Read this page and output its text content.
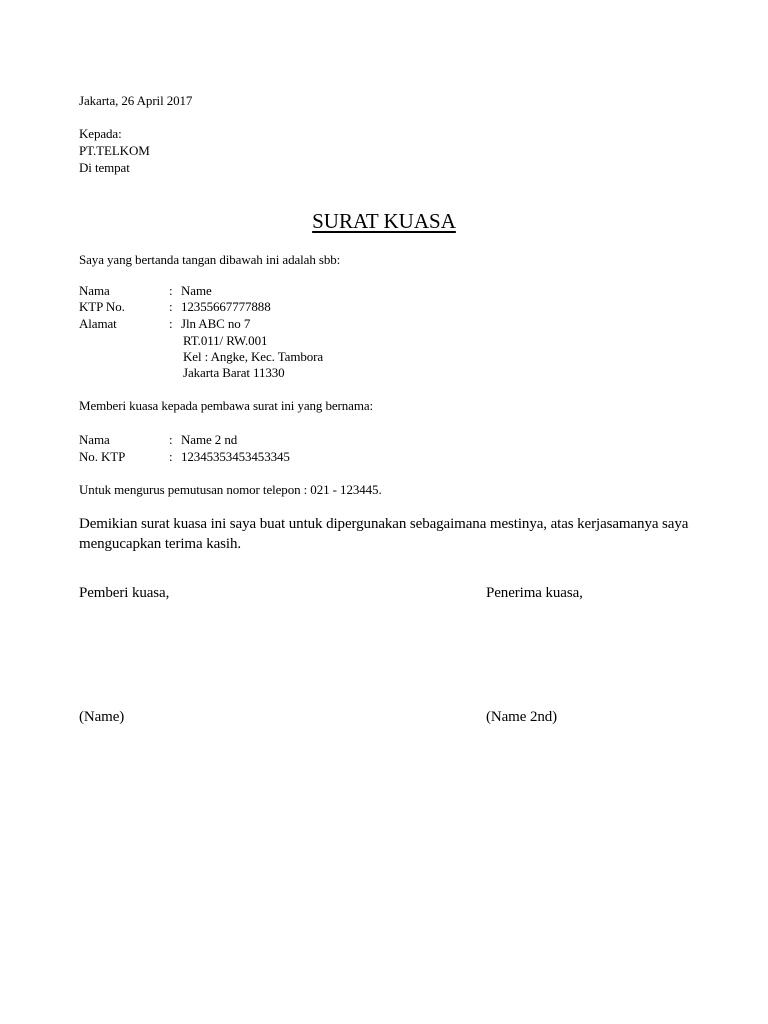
Jakarta, 26 April 2017
Kepada:
PT.TELKOM
Di tempat
SURAT KUASA
Saya yang bertanda tangan dibawah ini adalah sbb:
Nama	: Name
KTP No.	: 12355667777888
Alamat	: Jln ABC no 7
RT.011/ RW.001
Kel : Angke, Kec. Tambora
Jakarta Barat 11330
Memberi kuasa kepada pembawa surat ini yang bernama:
Nama	: Name 2 nd
No. KTP	: 12345353453453345
Untuk mengurus pemutusan nomor telepon : 021 - 123445.
Demikian surat kuasa ini saya buat untuk dipergunakan sebagaimana mestinya, atas kerjasamanya saya mengucapkan terima kasih.
Pemberi kuasa,	Penerima kuasa,
(Name)	(Name 2nd)
